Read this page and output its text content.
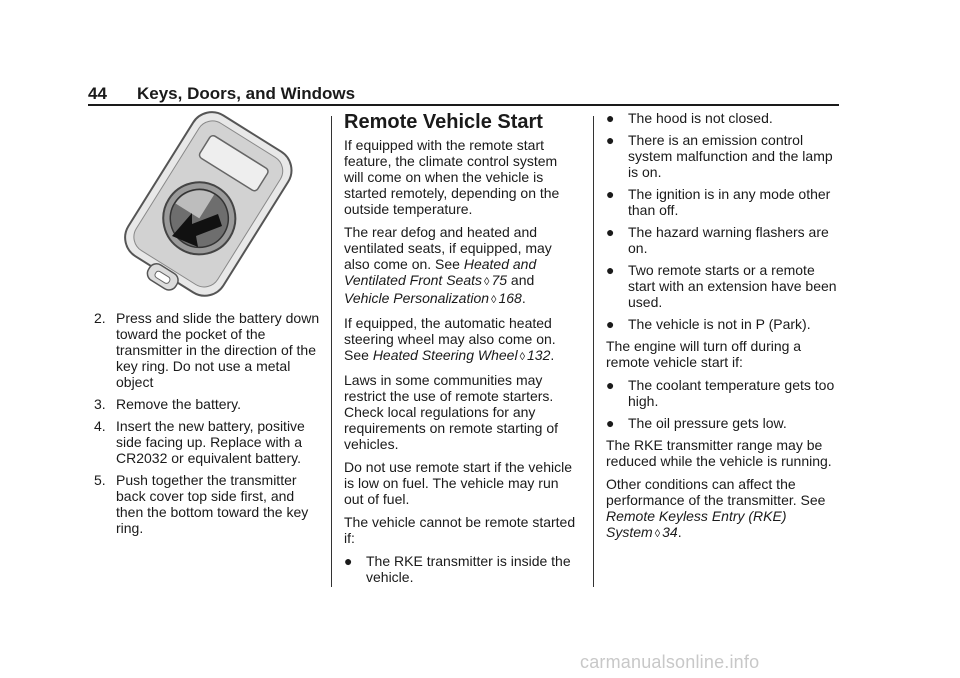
44 Keys, Doors, and Windows
2. Press and slide the battery down toward the pocket of the transmitter in the direction of the key ring. Do not use a metal object
3. Remove the battery.
4. Insert the new battery, positive side facing up. Replace with a CR2032 or equivalent battery.
5. Push together the transmitter back cover top side first, and then the bottom toward the key ring.
Remote Vehicle Start

If equipped with the remote start feature, the climate control system will come on when the vehicle is started remotely, depending on the outside temperature.

The rear defog and heated and ventilated seats, if equipped, may also come on. See Heated and Ventilated Front Seats ◊ 75 and Vehicle Personalization ◊ 168.

If equipped, the automatic heated steering wheel may also come on. See Heated Steering Wheel ◊ 132.

Laws in some communities may restrict the use of remote starters. Check local regulations for any requirements on remote starting of vehicles.

Do not use remote start if the vehicle is low on fuel. The vehicle may run out of fuel.

The vehicle cannot be remote started if:

● The RKE transmitter is inside the vehicle.
● The hood is not closed.
● There is an emission control system malfunction and the lamp is on.
● The ignition is in any mode other than off.
● The hazard warning flashers are on.
● Two remote starts or a remote start with an extension have been used.
● The vehicle is not in P (Park).

The engine will turn off during a remote vehicle start if:

● The coolant temperature gets too high.
● The oil pressure gets low.

The RKE transmitter range may be reduced while the vehicle is running.

Other conditions can affect the performance of the transmitter. See Remote Keyless Entry (RKE) System ◊ 34.

carmanualsonline.info
